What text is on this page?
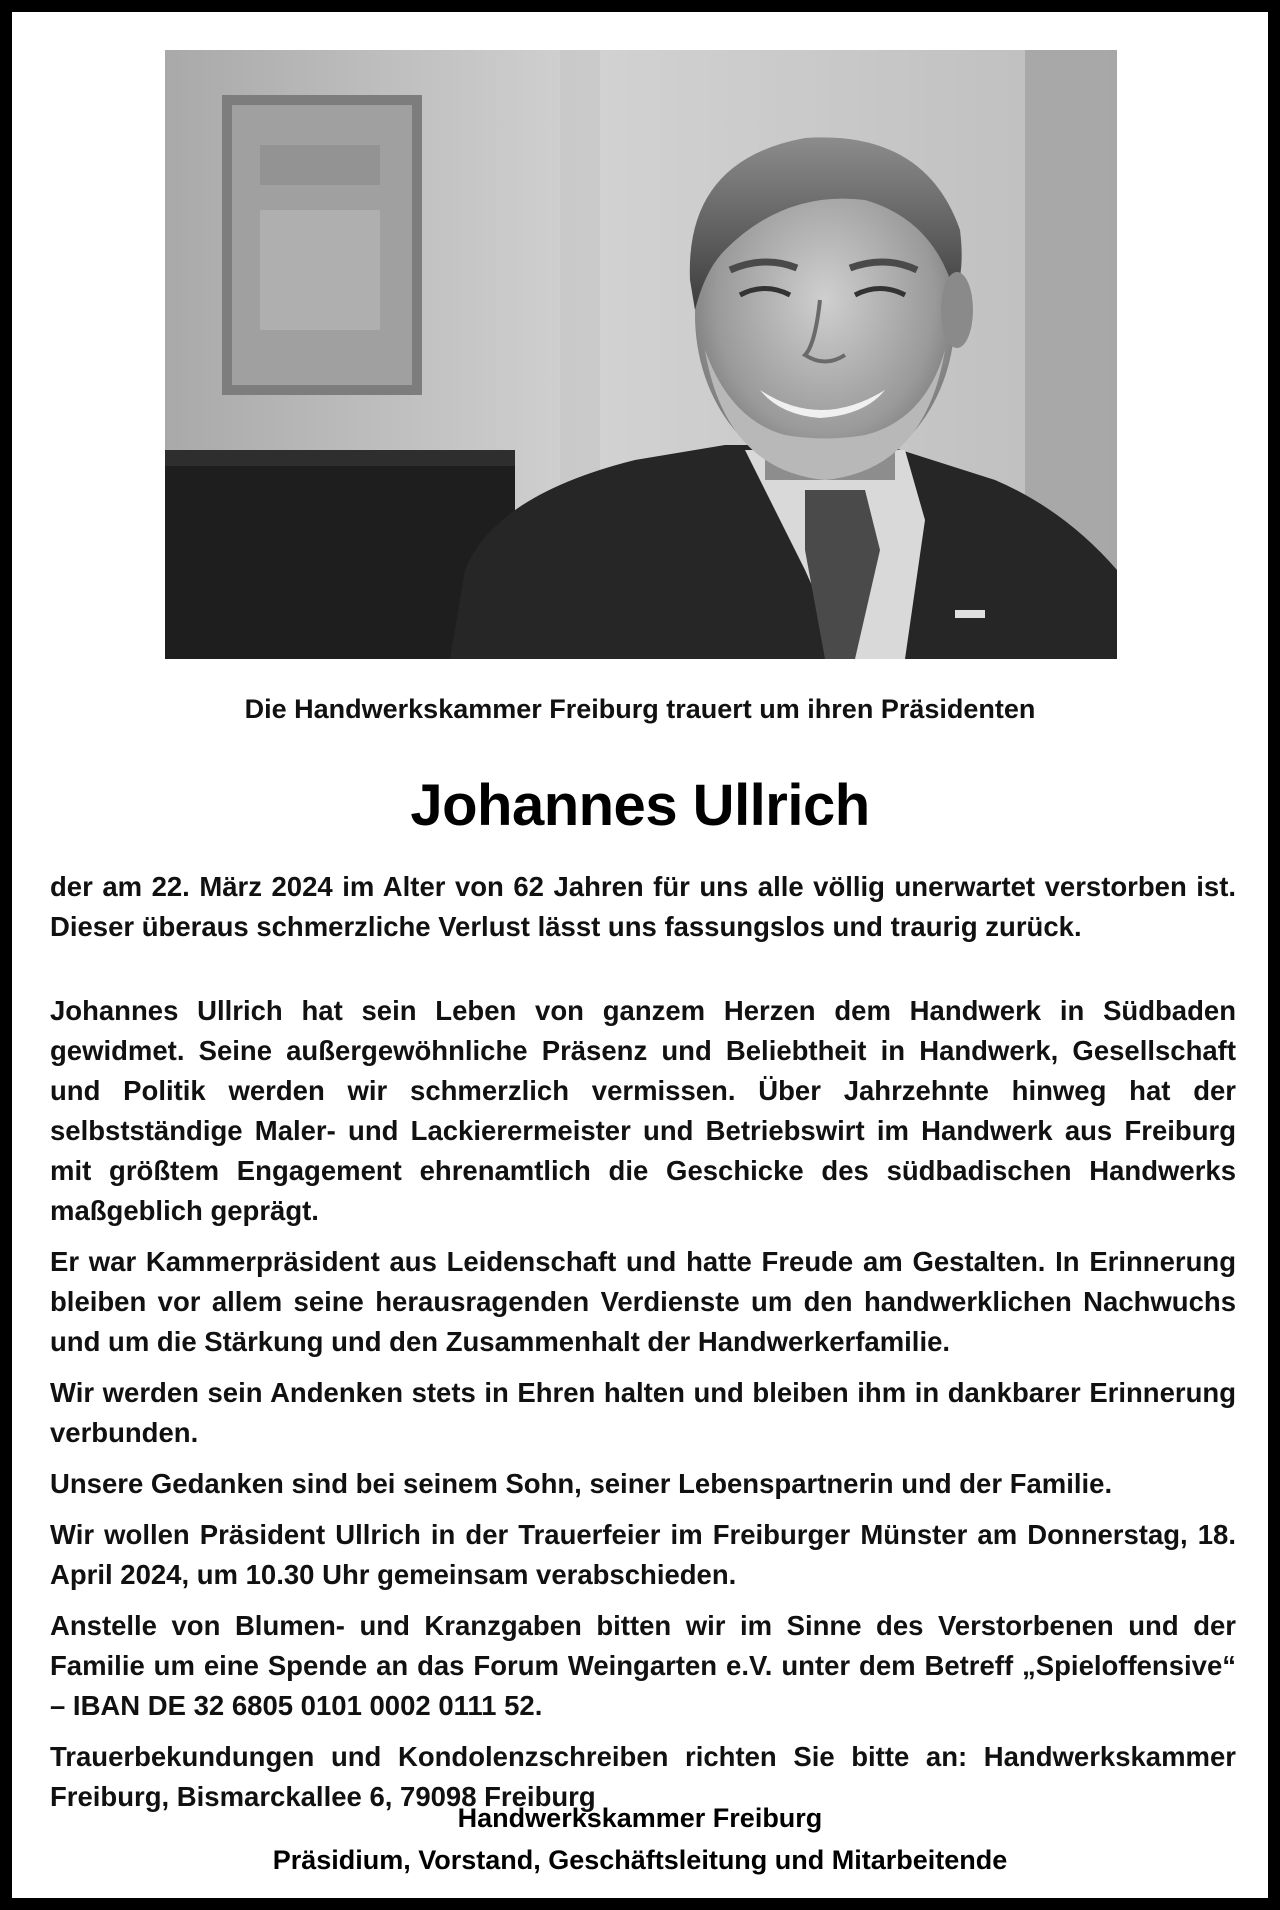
Die Handwerkskammer Freiburg trauert um ihren Präsidenten
Johannes Ullrich

der am 22. März 2024 im Alter von 62 Jahren für uns alle völlig unerwartet verstorben ist. Dieser überaus schmerzliche Verlust lässt uns fassungslos und traurig zurück.

Johannes Ullrich hat sein Leben von ganzem Herzen dem Handwerk in Südbaden gewidmet. Seine außergewöhnliche Präsenz und Beliebtheit in Handwerk, Gesellschaft und Politik werden wir schmerzlich vermissen. Über Jahrzehnte hinweg hat der selbstständige Maler- und Lackierermeister und Betriebswirt im Handwerk aus Freiburg mit größtem Engagement ehrenamtlich die Geschicke des südbadischen Handwerks maßgeblich geprägt.

Er war Kammerpräsident aus Leidenschaft und hatte Freude am Gestalten. In Erinnerung bleiben vor allem seine herausragenden Verdienste um den handwerklichen Nachwuchs und um die Stärkung und den Zusammenhalt der Handwerkerfamilie.

Wir werden sein Andenken stets in Ehren halten und bleiben ihm in dankbarer Erinnerung verbunden.

Unsere Gedanken sind bei seinem Sohn, seiner Lebenspartnerin und der Familie.

Wir wollen Präsident Ullrich in der Trauerfeier im Freiburger Münster am Donnerstag, 18. April 2024, um 10.30 Uhr gemeinsam verabschieden.

Anstelle von Blumen- und Kranzgaben bitten wir im Sinne des Verstorbenen und der Familie um eine Spende an das Forum Weingarten e.V. unter dem Betreff „Spieloffensive“ – IBAN DE 32 6805 0101 0002 0111 52.

Trauerbekundungen und Kondolenzschreiben richten Sie bitte an: Handwerkskammer Freiburg, Bismarckallee 6, 79098 Freiburg

Handwerkskammer Freiburg
Präsidium, Vorstand, Geschäftsleitung und Mitarbeitende
